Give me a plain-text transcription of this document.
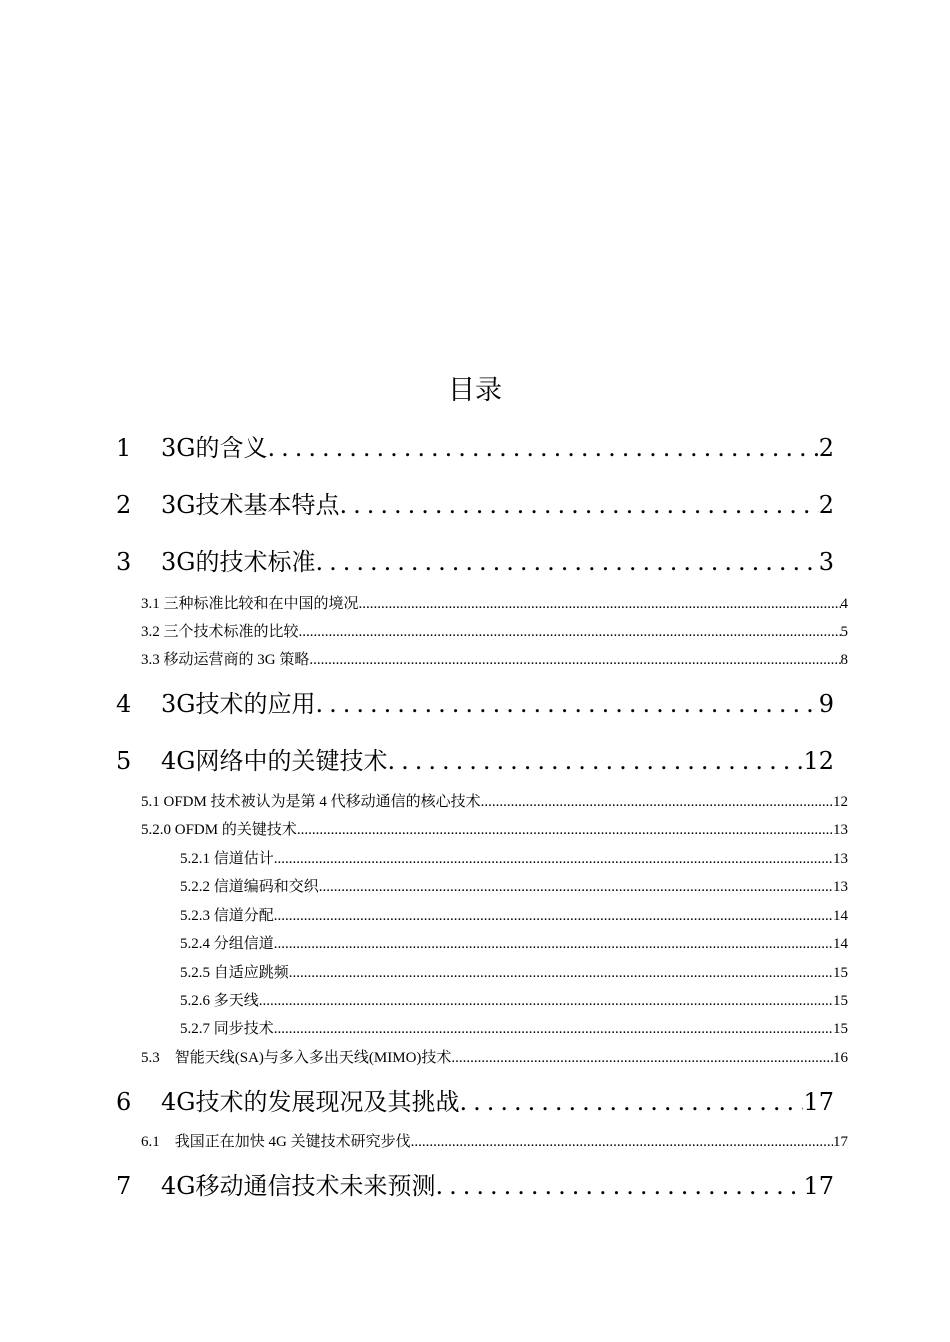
目录
1 3G的含义 .....	2
2 3G技术基本特点 .....	2
3 3G的技术标准 .....	3
3.1 三种标准比较和在中国的境况 .....	4
3.2 三个技术标准的比较 .....	5
3.3 移动运营商的 3G 策略 .....	8
4 3G技术的应用 .....	9
5 4G网络中的关键技术 .....	12
5.1 OFDM 技术被认为是第 4 代移动通信的核心技术 .....	12
5.2.0 OFDM 的关键技术 .....	13
5.2.1 信道估计 .....	13
5.2.2 信道编码和交织 .....	13
5.2.3 信道分配 .....	14
5.2.4 分组信道 .....	14
5.2.5 自适应跳频 .....	15
5.2.6 多天线 .....	15
5.2.7 同步技术 .....	15
5.3　智能天线(SA)与多入多出天线(MIMO)技术 .....	16
6 4G技术的发展现况及其挑战 .....	17
6.1　我国正在加快 4G 关键技术研究步伐 .....	17
7 4G移动通信技术未来预测 .....	17
